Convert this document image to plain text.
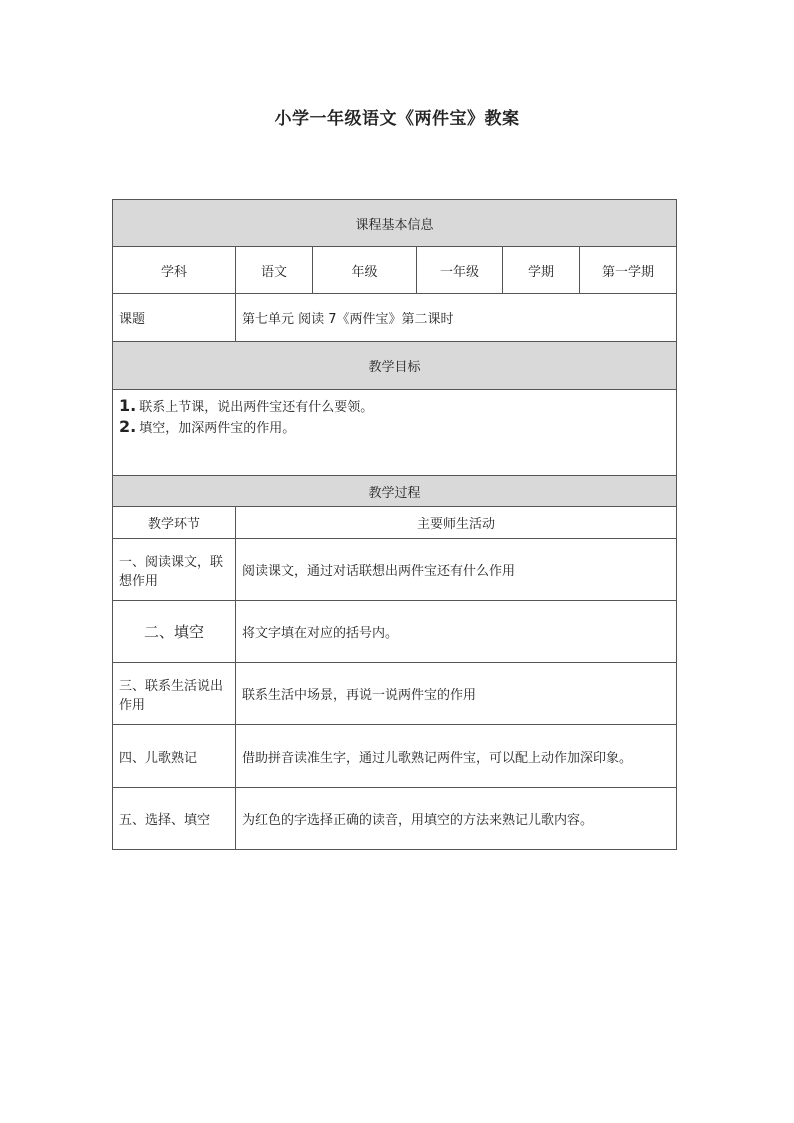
小学一年级语文《两件宝》教案
课程基本信息					
学科	语文	年级	一年级	学期	第一学期
课题	第七单元 阅读 7《两件宝》第二课时				
教学目标					

1. 联系上节课，说出两件宝还有什么要领。
2. 填空，加深两件宝的作用。					

教学过程					
教学环节	主要师生活动				
一、阅读课文，联想作用	阅读课文，通过对话联想出两件宝还有什么作用				
二、填空	将文字填在对应的括号内。				
三、联系生活说出作用	联系生活中场景，再说一说两件宝的作用				
四、儿歌熟记	借助拼音读准生字，通过儿歌熟记两件宝，可以配上动作加深印象。				
五、选择、填空	为红色的字选择正确的读音，用填空的方法来熟记儿歌内容。				
